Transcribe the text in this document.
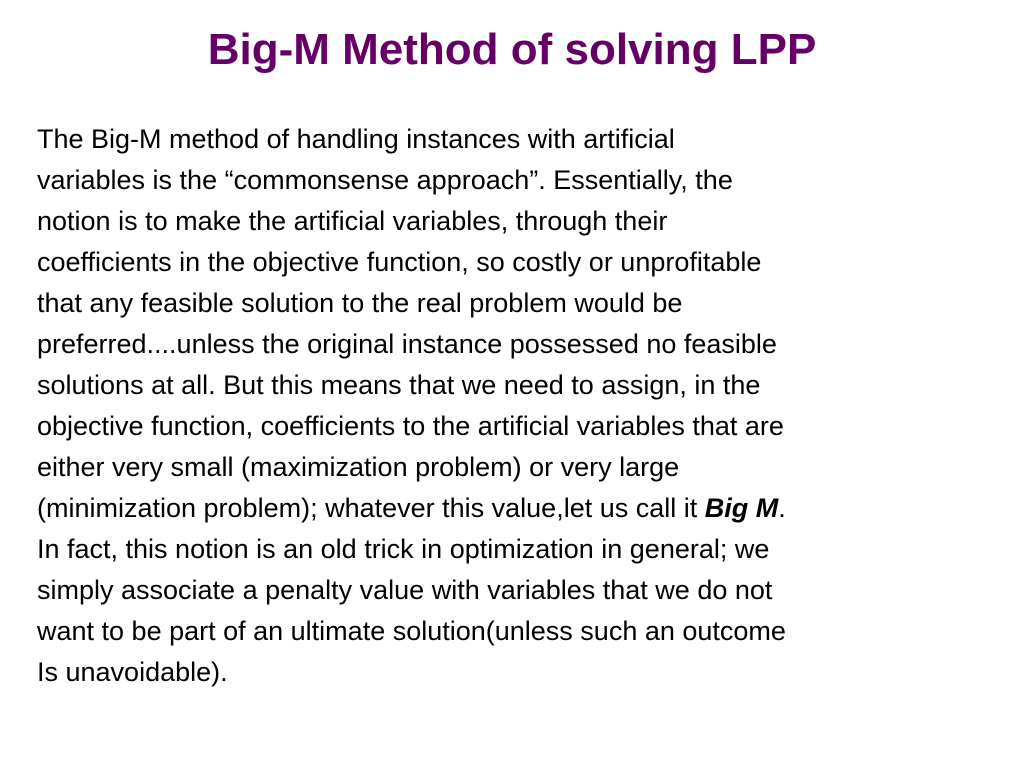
Big-M Method of solving LPP

The Big-M method of handling instances with artificial
variables is the “commonsense approach”. Essentially, the
notion is to make the artificial variables, through their
coefficients in the objective function, so costly or unprofitable
that any feasible solution to the real problem would be
preferred....unless the original instance possessed no feasible
solutions at all. But this means that we need to assign, in the
objective function, coefficients to the artificial variables that are
either very small (maximization problem) or very large
(minimization problem); whatever this value,let us call it Big M.
In fact, this notion is an old trick in optimization in general; we
simply associate a penalty value with variables that we do not
want to be part of an ultimate solution(unless such an outcome
Is unavoidable).
